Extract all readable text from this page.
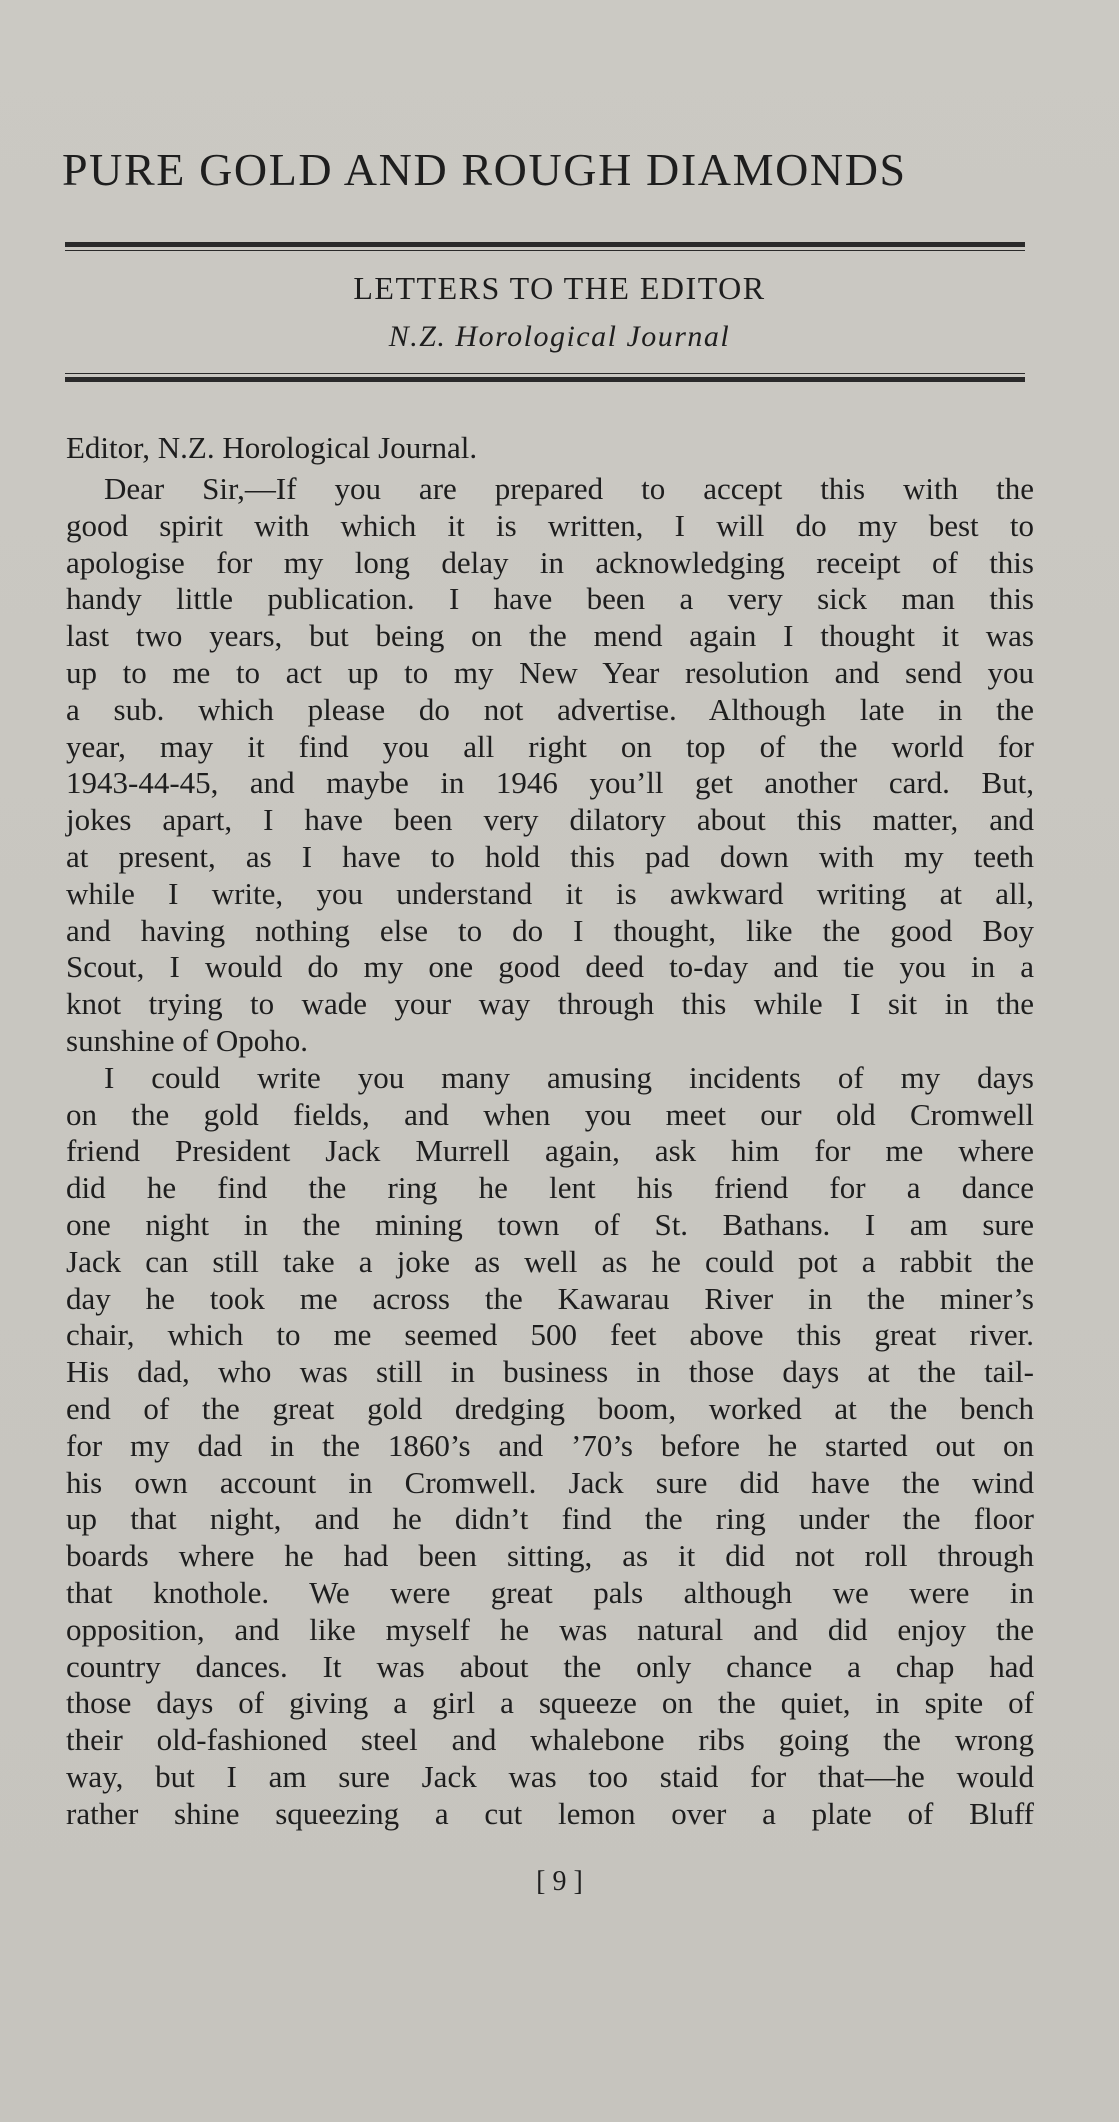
PURE GOLD AND ROUGH DIAMONDS
LETTERS TO THE EDITOR
N.Z. Horological Journal
Editor, N.Z. Horological Journal.
Dear Sir,—If you are prepared to accept this with the
good spirit with which it is written, I will do my best to
apologise for my long delay in acknowledging receipt of this
handy little publication. I have been a very sick man this
last two years, but being on the mend again I thought it was
up to me to act up to my New Year resolution and send you
a sub. which please do not advertise. Although late in the
year, may it find you all right on top of the world for
1943-44-45, and maybe in 1946 you’ll get another card. But,
jokes apart, I have been very dilatory about this matter, and
at present, as I have to hold this pad down with my teeth
while I write, you understand it is awkward writing at all,
and having nothing else to do I thought, like the good Boy
Scout, I would do my one good deed to-day and tie you in a
knot trying to wade your way through this while I sit in the
sunshine of Opoho.
I could write you many amusing incidents of my days
on the gold fields, and when you meet our old Cromwell
friend President Jack Murrell again, ask him for me where
did he find the ring he lent his friend for a dance
one night in the mining town of St. Bathans. I am sure
Jack can still take a joke as well as he could pot a rabbit the
day he took me across the Kawarau River in the miner’s
chair, which to me seemed 500 feet above this great river.
His dad, who was still in business in those days at the tail-
end of the great gold dredging boom, worked at the bench
for my dad in the 1860’s and ’70’s before he started out on
his own account in Cromwell. Jack sure did have the wind
up that night, and he didn’t find the ring under the floor
boards where he had been sitting, as it did not roll through
that knothole. We were great pals although we were in
opposition, and like myself he was natural and did enjoy the
country dances. It was about the only chance a chap had
those days of giving a girl a squeeze on the quiet, in spite of
their old-fashioned steel and whalebone ribs going the wrong
way, but I am sure Jack was too staid for that—he would
rather shine squeezing a cut lemon over a plate of Bluff
[ 9 ]
